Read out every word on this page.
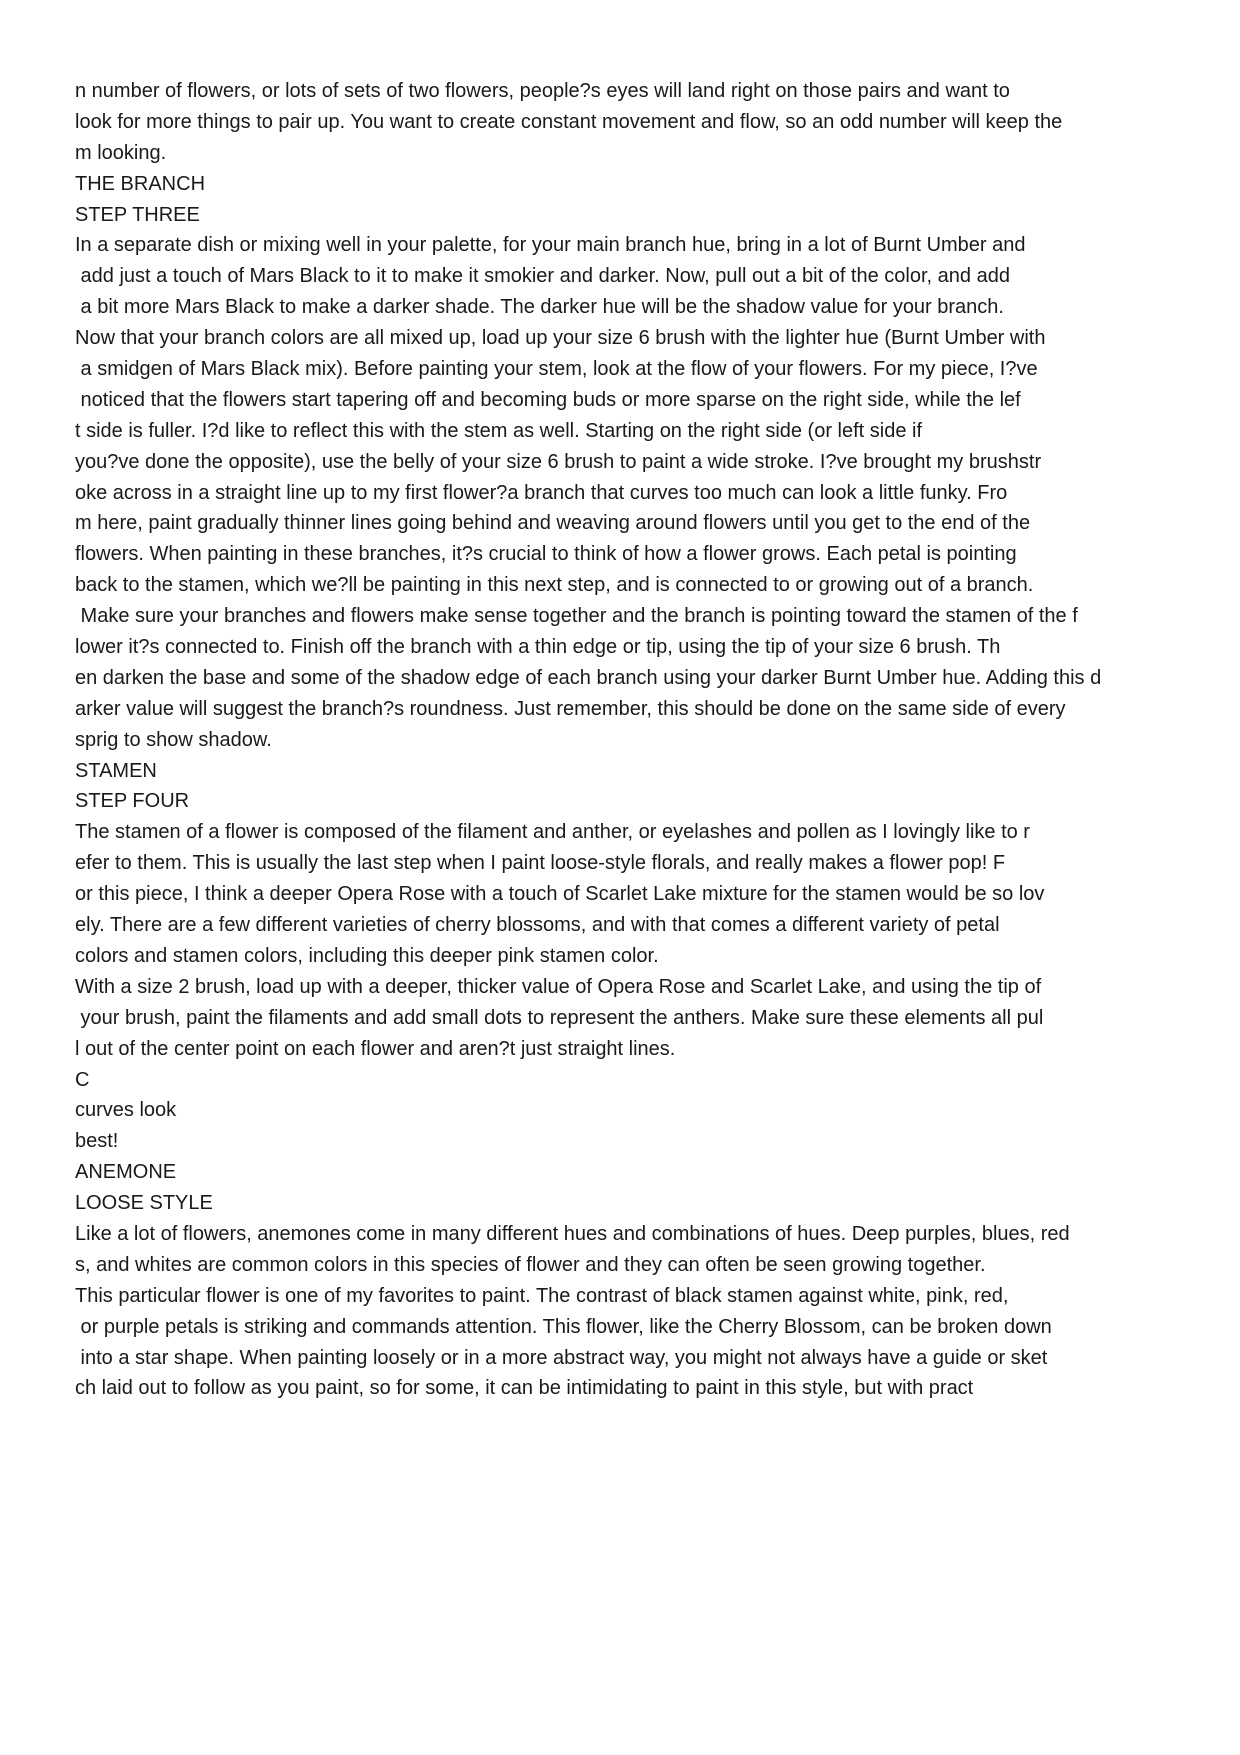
n number of flowers, or lots of sets of two flowers, people?s eyes will land right on those pairs and want to
look for more things to pair up. You want to create constant movement and flow, so an odd number will keep the
m looking.
THE BRANCH
STEP THREE
In a separate dish or mixing well in your palette, for your main branch hue, bring in a lot of Burnt Umber and
add just a touch of Mars Black to it to make it smokier and darker. Now, pull out a bit of the color, and add
a bit more Mars Black to make a darker shade. The darker hue will be the shadow value for your branch.
Now that your branch colors are all mixed up, load up your size 6 brush with the lighter hue (Burnt Umber with
a smidgen of Mars Black mix). Before painting your stem, look at the flow of your flowers. For my piece, I?ve
noticed that the flowers start tapering off and becoming buds or more sparse on the right side, while the lef
t side is fuller. I?d like to reflect this with the stem as well. Starting on the right side (or left side if
you?ve done the opposite), use the belly of your size 6 brush to paint a wide stroke. I?ve brought my brushstr
oke across in a straight line up to my first flower?a branch that curves too much can look a little funky. Fro
m here, paint gradually thinner lines going behind and weaving around flowers until you get to the end of the
flowers. When painting in these branches, it?s crucial to think of how a flower grows. Each petal is pointing
back to the stamen, which we?ll be painting in this next step, and is connected to or growing out of a branch.
Make sure your branches and flowers make sense together and the branch is pointing toward the stamen of the f
lower it?s connected to. Finish off the branch with a thin edge or tip, using the tip of your size 6 brush. Th
en darken the base and some of the shadow edge of each branch using your darker Burnt Umber hue. Adding this d
arker value will suggest the branch?s roundness. Just remember, this should be done on the same side of every
sprig to show shadow.
STAMEN
STEP FOUR
The stamen of a flower is composed of the filament and anther, or eyelashes and pollen as I lovingly like to r
efer to them. This is usually the last step when I paint loose-style florals, and really makes a flower pop! F
or this piece, I think a deeper Opera Rose with a touch of Scarlet Lake mixture for the stamen would be so lov
ely. There are a few different varieties of cherry blossoms, and with that comes a different variety of petal
colors and stamen colors, including this deeper pink stamen color.
With a size 2 brush, load up with a deeper, thicker value of Opera Rose and Scarlet Lake, and using the tip of
your brush, paint the filaments and add small dots to represent the anthers. Make sure these elements all pul
l out of the center point on each flower and aren?t just straight lines.
C
curves look
best!
ANEMONE
LOOSE STYLE
Like a lot of flowers, anemones come in many different hues and combinations of hues. Deep purples, blues, red
s, and whites are common colors in this species of flower and they can often be seen growing together.
This particular flower is one of my favorites to paint. The contrast of black stamen against white, pink, red,
or purple petals is striking and commands attention. This flower, like the Cherry Blossom, can be broken down
into a star shape. When painting loosely or in a more abstract way, you might not always have a guide or sket
ch laid out to follow as you paint, so for some, it can be intimidating to paint in this style, but with pract
